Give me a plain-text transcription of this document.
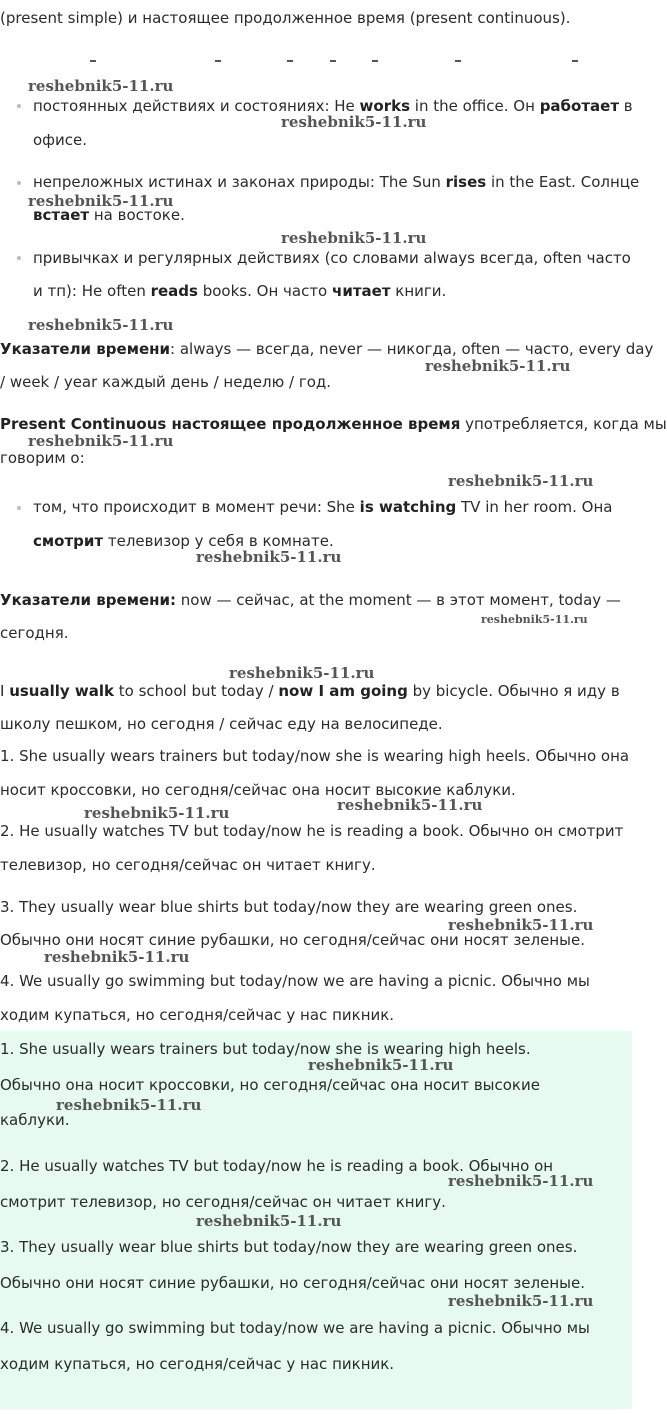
(present simple) и настоящее продолженное время (present continuous).
постоянных действиях и состояниях: He works in the office. Он работает в
офисе.
непреложных истинах и законах природы: The Sun rises in the East. Солнце
встает на востоке.
привычках и регулярных действиях (со словами always всегда, often часто
и тп): He often reads books. Он часто читает книги.
Указатели времени: always — всегда, never — никогда, often — часто, every day
/ week / year каждый день / неделю / год.
Present Continuous настоящее продолженное время употребляется, когда мы
говорим о:
том, что происходит в момент речи: She is watching TV in her room. Она
смотрит телевизор у себя в комнате.
Указатели времени: now — сейчас, at the moment — в этот момент, today —
сегодня.
I usually walk to school but today / now I am going by bicycle. Обычно я иду в
школу пешком, но сегодня / сейчас еду на велосипеде.
1. She usually wears trainers but today/now she is wearing high heels. Обычно она
носит кроссовки, но сегодня/сейчас она носит высокие каблуки.
2. He usually watches TV but today/now he is reading a book. Обычно он смотрит
телевизор, но сегодня/сейчас он читает книгу.
3. They usually wear blue shirts but today/now they are wearing green ones.
Обычно они носят синие рубашки, но сегодня/сейчас они носят зеленые.
4. We usually go swimming but today/now we are having a picnic. Обычно мы
ходим купаться, но сегодня/сейчас у нас пикник.
1. She usually wears trainers but today/now she is wearing high heels.
Обычно она носит кроссовки, но сегодня/сейчас она носит высокие
каблуки.
2. He usually watches TV but today/now he is reading a book. Обычно он
смотрит телевизор, но сегодня/сейчас он читает книгу.
3. They usually wear blue shirts but today/now they are wearing green ones.
Обычно они носят синие рубашки, но сегодня/сейчас они носят зеленые.
4. We usually go swimming but today/now we are having a picnic. Обычно мы
ходим купаться, но сегодня/сейчас у нас пикник.
reshebnik5-11.ru
reshebnik5-11.ru
reshebnik5-11.ru
reshebnik5-11.ru
reshebnik5-11.ru
reshebnik5-11.ru
reshebnik5-11.ru
reshebnik5-11.ru
reshebnik5-11.ru
reshebnik5-11.ru
reshebnik5-11.ru
reshebnik5-11.ru	reshebnik5-11.ru
reshebnik5-11.ru
reshebnik5-11.ru
reshebnik5-11.ru
reshebnik5-11.ru
reshebnik5-11.ru
reshebnik5-11.ru
reshebnik5-11.ru
